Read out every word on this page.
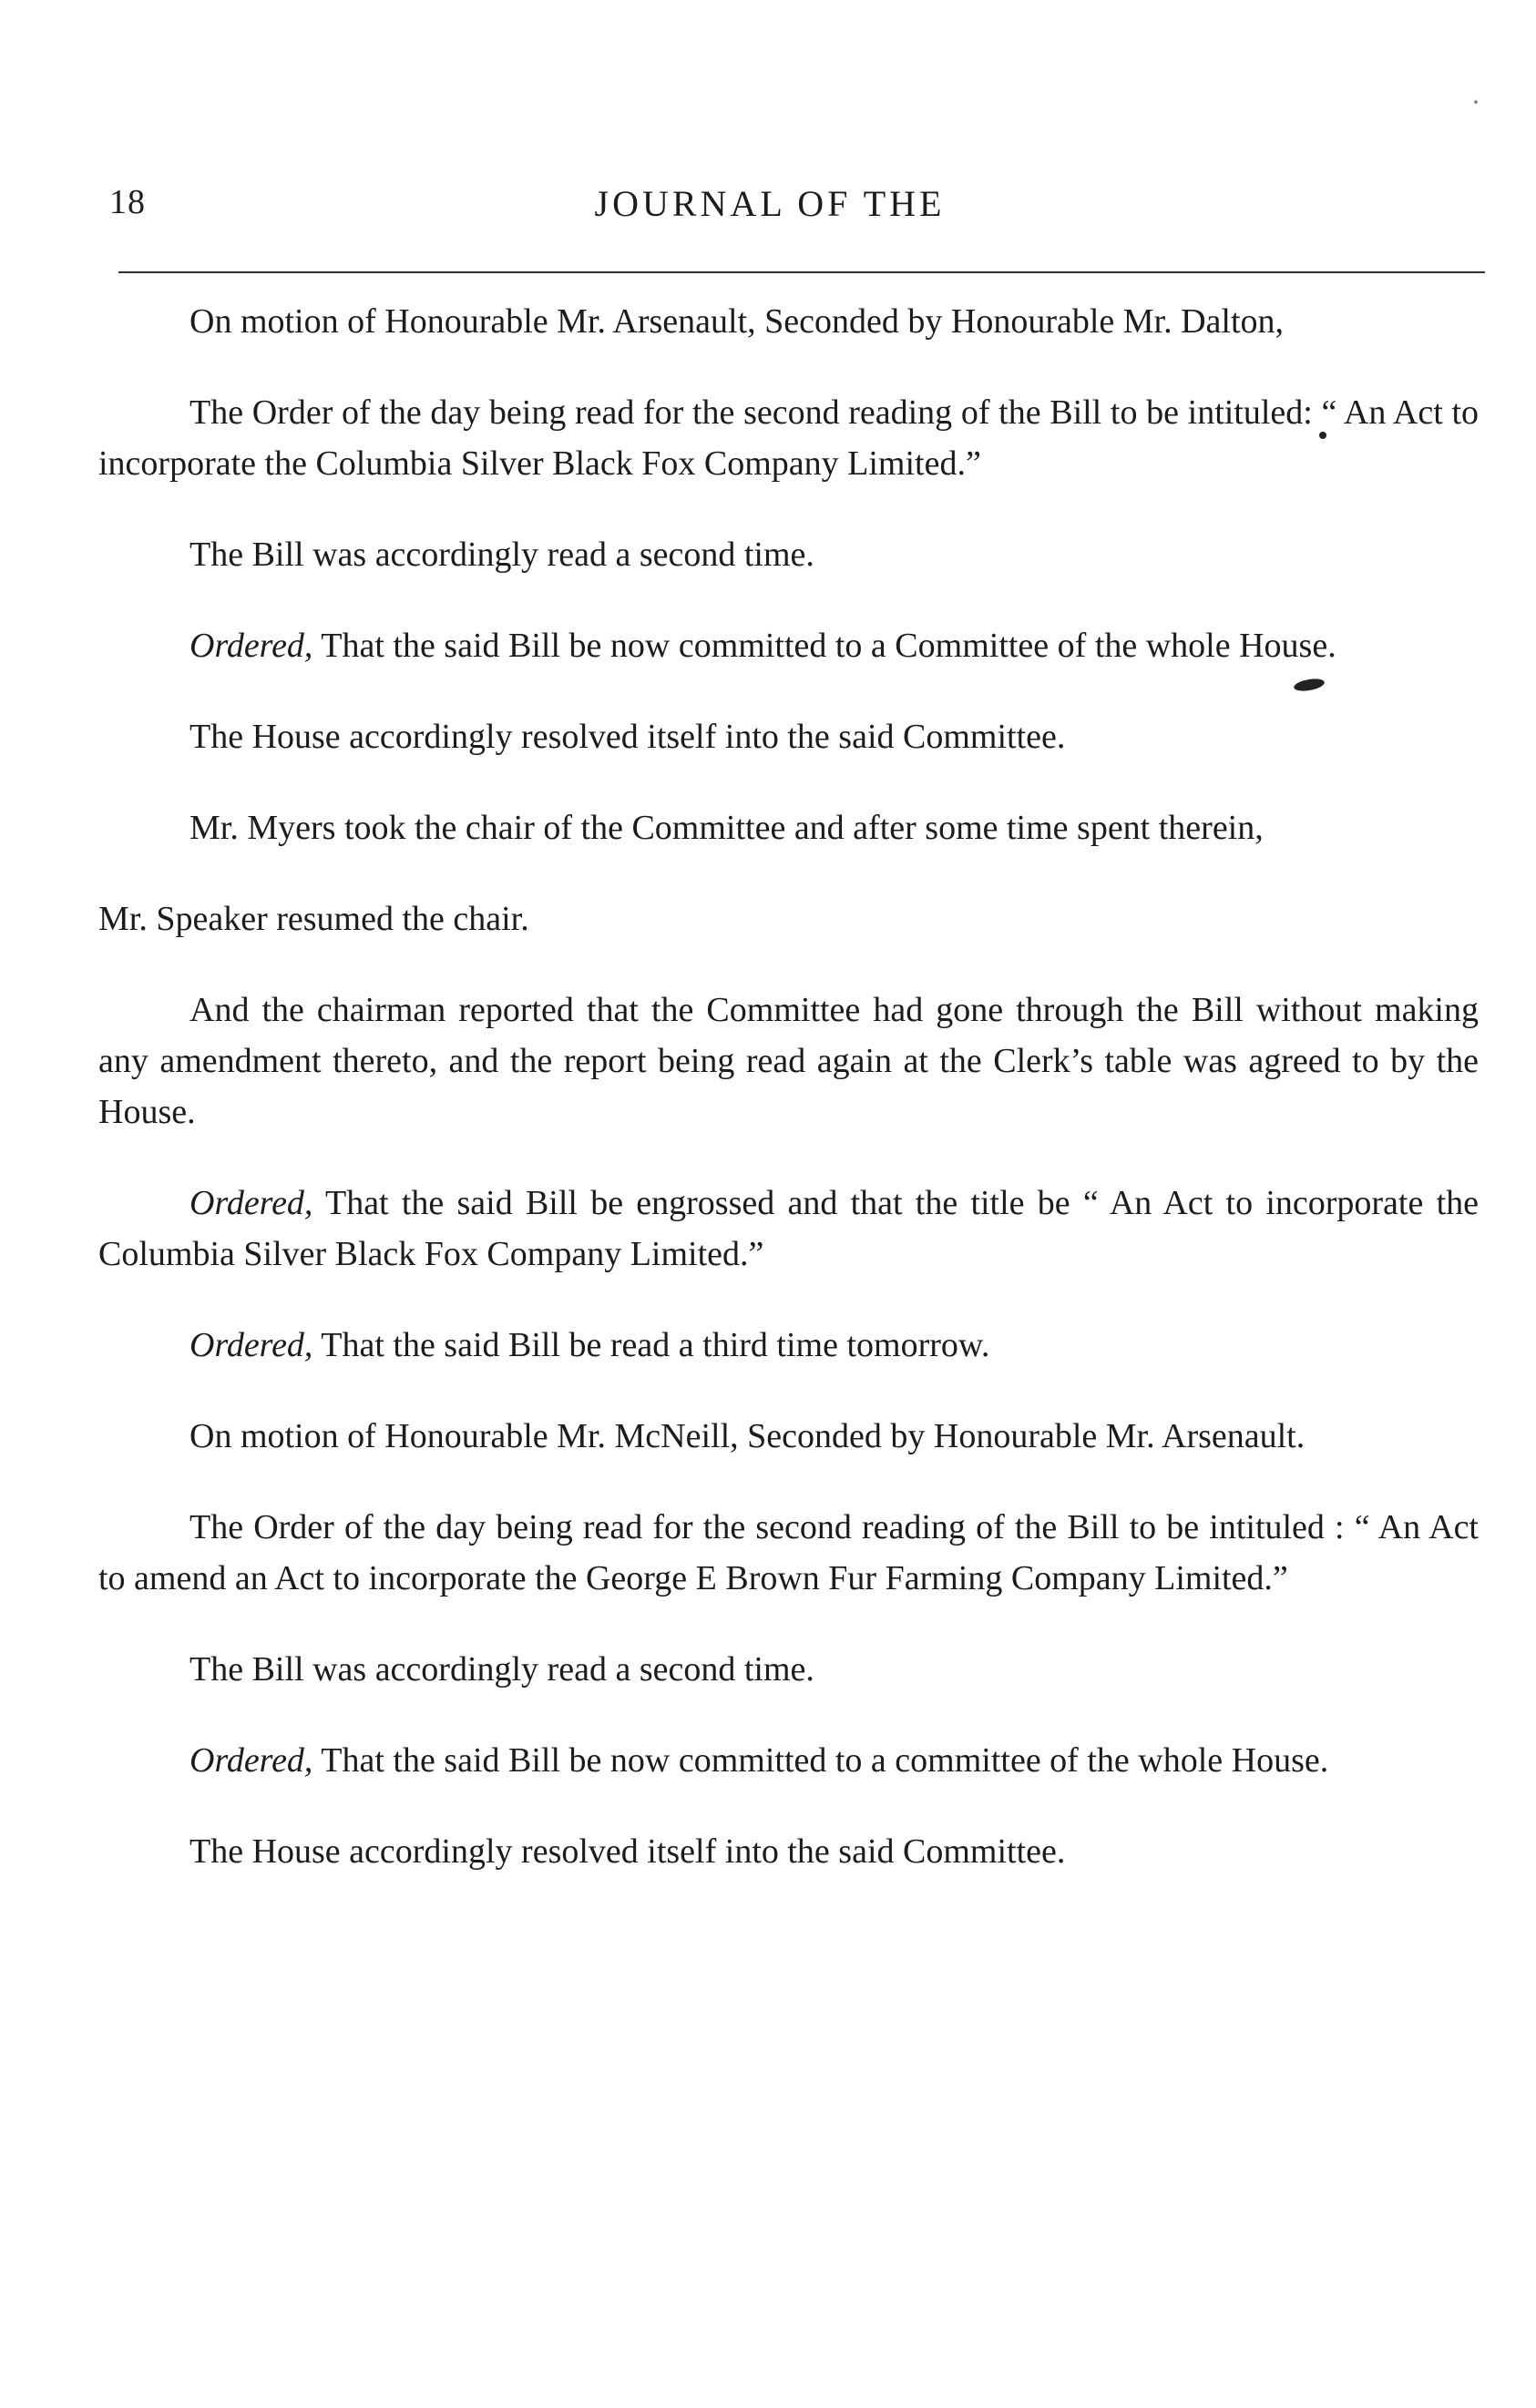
18	JOURNAL OF THE

On motion of Honourable Mr. Arsenault, Seconded by Honourable Mr. Dalton,

The Order of the day being read for the second reading of the Bill to be intituled: “ An Act to incorporate the Columbia Silver Black Fox Company Limited.”

The Bill was accordingly read a second time.

Ordered, That the said Bill be now committed to a Committee of the whole House.

The House accordingly resolved itself into the said Committee.

Mr. Myers took the chair of the Committee and after some time spent therein,

Mr. Speaker resumed the chair.

And the chairman reported that the Committee had gone through the Bill without making any amendment thereto, and the report being read again at the Clerk’s table was agreed to by the House.

Ordered, That the said Bill be engrossed and that the title be “ An Act to incorporate the Columbia Silver Black Fox Company Limited.”

Ordered, That the said Bill be read a third time tomorrow.

On motion of Honourable Mr. McNeill, Seconded by Honourable Mr. Arsenault.

The Order of the day being read for the second reading of the Bill to be intituled : “ An Act to amend an Act to incorporate the George E Brown Fur Farming Company Limited.”

The Bill was accordingly read a second time.

Ordered, That the said Bill be now committed to a committee of the whole House.

The House accordingly resolved itself into the said Committee.
